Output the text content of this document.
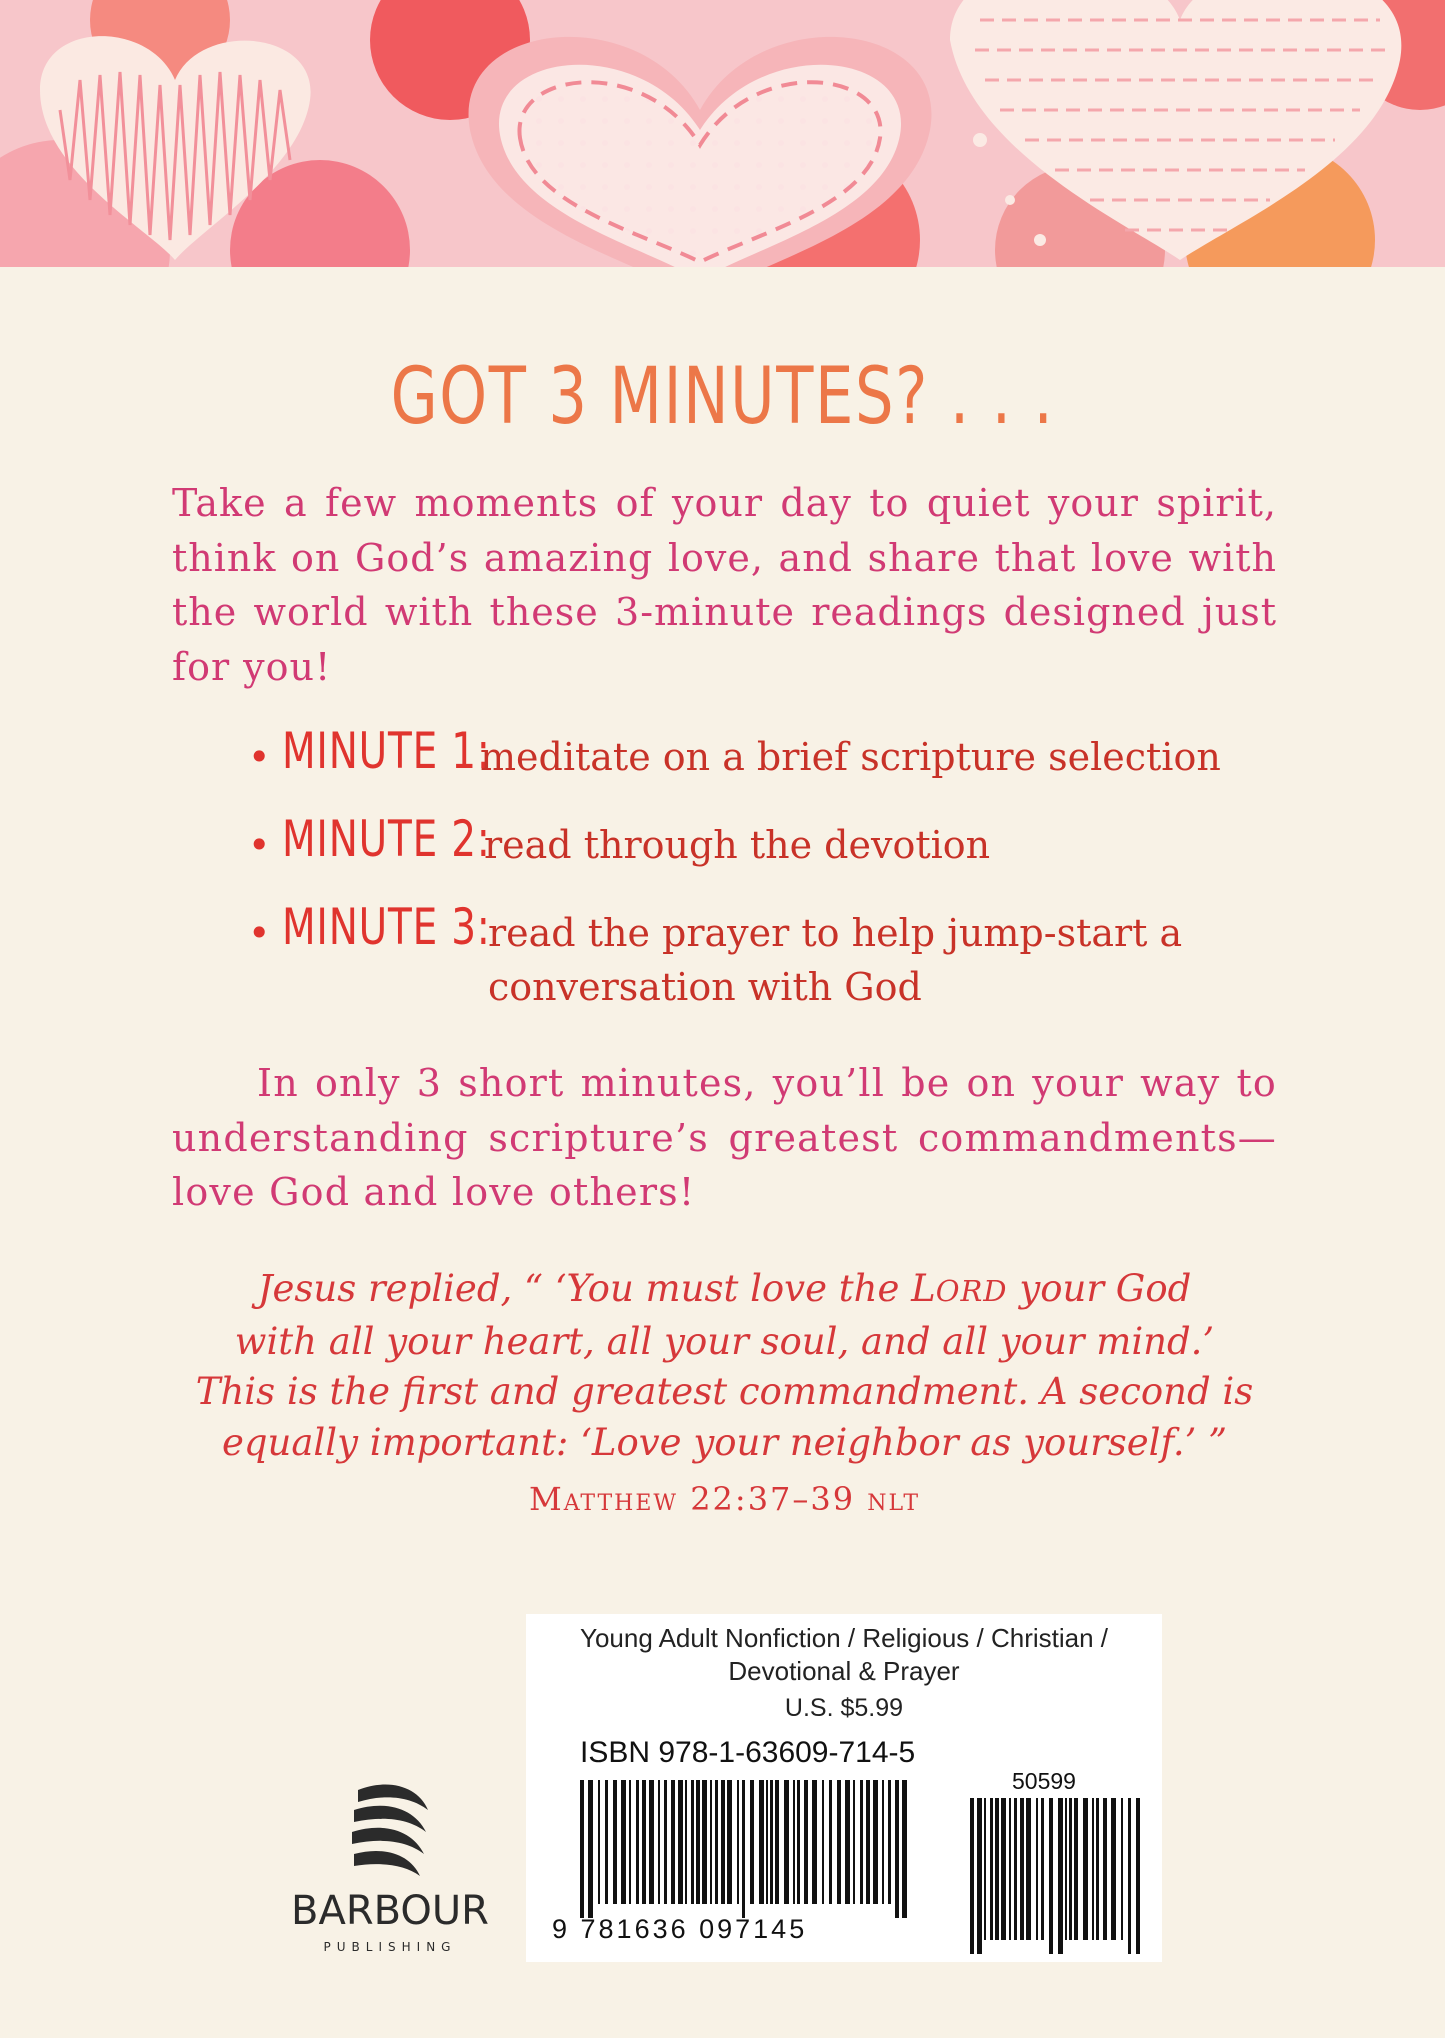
GOT 3 MINUTES? . . .

Take a few moments of your day to quiet your spirit, think on God’s amazing love, and share that love with the world with these 3-minute readings designed just for you!

• MINUTE 1:
meditate on a brief scripture selection
• MINUTE 2:
read through the devotion
• MINUTE 3:
read the prayer to help jump-start a
conversation with God

In only 3 short minutes, you’ll be on your way to understanding scripture’s greatest commandments—love God and love others!

Jesus replied, “ ‘You must love the LORD your God
with all your heart, all your soul, and all your mind.’
This is the first and greatest commandment. A second is
equally important: ‘Love your neighbor as yourself.’ ”
Matthew 22:37–39 nlt
Young Adult Nonfiction / Religious / Christian /
Devotional & Prayer
U.S. $5.99
ISBN 978-1-63609-714-5
50599
9 781636 097145
BARBOUR
PUBLISHING
